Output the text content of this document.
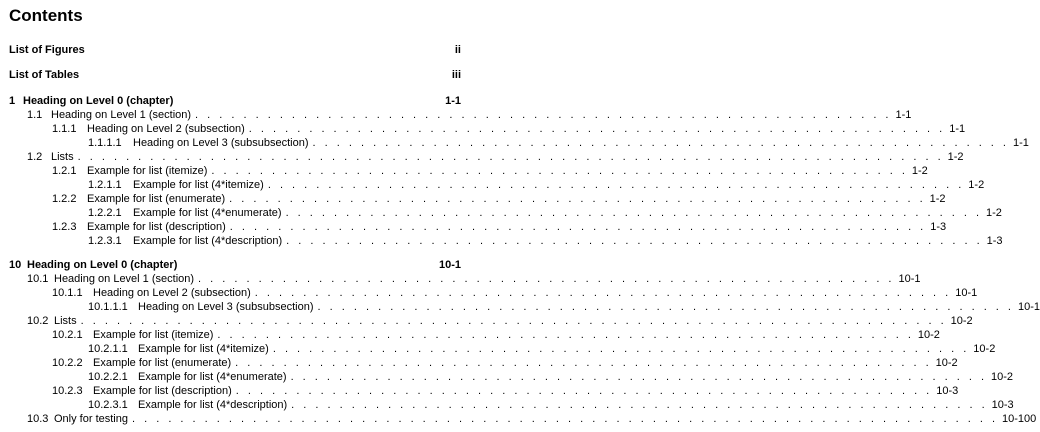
Contents
List of Figures	ii
List of Tables	iii
1 Heading on Level 0 (chapter)	1-1
1.1 Heading on Level 1 (section) . . . . . . . . . . . . . . . . . . . . . . . . . . . . . . . . . . . . . . . . . . . . . . . . . . . . . . . . . . 1-1
1.1.1 Heading on Level 2 (subsection) . . . . . . . . . . . . . . . . . . . . . . . . . . . . . . . . . . . . . . . . . . . . . . . . . . . . . . . . . . 1-1
1.1.1.1	Heading on Level 3 (subsubsection) . . . . . . . . . . . . . . . . . . . . . . . . . . . . . . . . . . . . . . . . . . . . . . . . . . . . . . . . . . 1-1
1.2 Lists . . . . . . . . . . . . . . . . . . . . . . . . . . . . . . . . . . . . . . . . . . . . . . . . . . . . . . . . . . . . . . . . . . . . . . . . 1-2
1.2.1 Example for list (itemize) . . . . . . . . . . . . . . . . . . . . . . . . . . . . . . . . . . . . . . . . . . . . . . . . . . . . . . . . . . 1-2
1.2.1.1	Example for list (4*itemize) . . . . . . . . . . . . . . . . . . . . . . . . . . . . . . . . . . . . . . . . . . . . . . . . . . . . . . . . . . 1-2
1.2.2 Example for list (enumerate) . . . . . . . . . . . . . . . . . . . . . . . . . . . . . . . . . . . . . . . . . . . . . . . . . . . . . . . . . . 1-2
1.2.2.1	Example for list (4*enumerate) . . . . . . . . . . . . . . . . . . . . . . . . . . . . . . . . . . . . . . . . . . . . . . . . . . . . . . . . . . 1-2
1.2.3 Example for list (description) . . . . . . . . . . . . . . . . . . . . . . . . . . . . . . . . . . . . . . . . . . . . . . . . . . . . . . . . . . 1-3
1.2.3.1	Example for list (4*description) . . . . . . . . . . . . . . . . . . . . . . . . . . . . . . . . . . . . . . . . . . . . . . . . . . . . . . . . . . 1-3
10 Heading on Level 0 (chapter)	10-1
10.1 Heading on Level 1 (section) . . . . . . . . . . . . . . . . . . . . . . . . . . . . . . . . . . . . . . . . . . . . . . . . . . . . . . . . . . 10-1
10.1.1 Heading on Level 2 (subsection) . . . . . . . . . . . . . . . . . . . . . . . . . . . . . . . . . . . . . . . . . . . . . . . . . . . . . . . . . . 10-1
10.1.1.1 Heading on Level 3 (subsubsection) . . . . . . . . . . . . . . . . . . . . . . . . . . . . . . . . . . . . . . . . . . . . . . . . . . . . . . . . . . 10-1
10.2 Lists . . . . . . . . . . . . . . . . . . . . . . . . . . . . . . . . . . . . . . . . . . . . . . . . . . . . . . . . . . . . . . . . . . . . . . . . 10-2
10.2.1 Example for list (itemize) . . . . . . . . . . . . . . . . . . . . . . . . . . . . . . . . . . . . . . . . . . . . . . . . . . . . . . . . . . 10-2
10.2.1.1 Example for list (4*itemize) . . . . . . . . . . . . . . . . . . . . . . . . . . . . . . . . . . . . . . . . . . . . . . . . . . . . . . . . . . 10-2
10.2.2 Example for list (enumerate) . . . . . . . . . . . . . . . . . . . . . . . . . . . . . . . . . . . . . . . . . . . . . . . . . . . . . . . . . . 10-2
10.2.2.1 Example for list (4*enumerate) . . . . . . . . . . . . . . . . . . . . . . . . . . . . . . . . . . . . . . . . . . . . . . . . . . . . . . . . . . 10-2
10.2.3 Example for list (description) . . . . . . . . . . . . . . . . . . . . . . . . . . . . . . . . . . . . . . . . . . . . . . . . . . . . . . . . . . 10-3
10.2.3.1 Example for list (4*description) . . . . . . . . . . . . . . . . . . . . . . . . . . . . . . . . . . . . . . . . . . . . . . . . . . . . . . . . . . 10-3
10.3 Only for testing . . . . . . . . . . . . . . . . . . . . . . . . . . . . . . . . . . . . . . . . . . . . . . . . . . . . . . . . . . . . . . . . . . . . . . . . 10-100
